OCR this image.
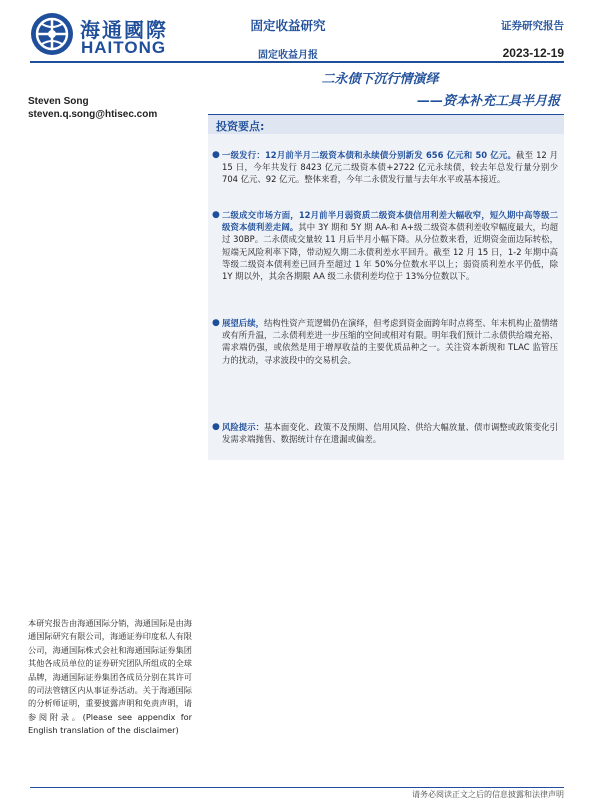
海通國際
HAITONG
固定收益研究
固定收益月报
证券研究报告
2023-12-19
二永债下沉行情演绎
——资本补充工具半月报
Steven Song
steven.q.song@htisec.com
投资要点:
● 一级发行：12月前半月二级资本债和永续债分别新发 656 亿元和 50 亿元。截至 12 月 15 日，今年共发行 8423 亿元二级资本债+2722 亿元永续债，较去年总发行量分别少 704 亿元、92 亿元。整体来看，今年二永债发行量与去年水平或基本接近。

● 二级成交市场方面，12月前半月弱资质二级资本债信用利差大幅收窄，短久期中高等级二级资本债利差走阔。其中 3Y 期和 5Y 期 AA-和 A+级二级资本债利差收窄幅度最大，均超过 30BP。二永债成交量较 11 月后半月小幅下降。从分位数来看，近期资金面边际转松，短端无风险利率下降，带动短久期二永债利差水平回升。截至 12 月 15 日，1-2 年期中高等级二级资本债利差已回升至超过 1 年 50%分位数水平以上；弱资质利差水平仍低，除 1Y 期以外，其余各期限 AA 级二永债利差均位于 13%分位数以下。

● 展望后续，结构性资产荒逻辑仍在演绎，但考虑到资金面跨年时点将至、年末机构止盈情绪或有所升温，二永债利差进一步压缩的空间或相对有限。明年我们预计二永债供给端充裕、需求端仍强，或依然是用于增厚收益的主要优质品种之一。关注资本新规和 TLAC 监管压力的扰动，寻求波段中的交易机会。

● 风险提示：基本面变化、政策不及预期、信用风险、供给大幅放量、债市调整或政策变化引发需求端抛售、数据统计存在遗漏或偏差。

本研究报告由海通国际分销，海通国际是由海通国际研究有限公司，海通证券印度私人有限公司，海通国际株式会社和海通国际证券集团其他各成员单位的证券研究团队所组成的全球品牌，海通国际证券集团各成员分别在其许可的司法管辖区内从事证券活动。关于海通国际的分析师证明，重要披露声明和免责声明，请参阅附录。(Please see appendix for English translation of the disclaimer)
请务必阅读正文之后的信息披露和法律声明
